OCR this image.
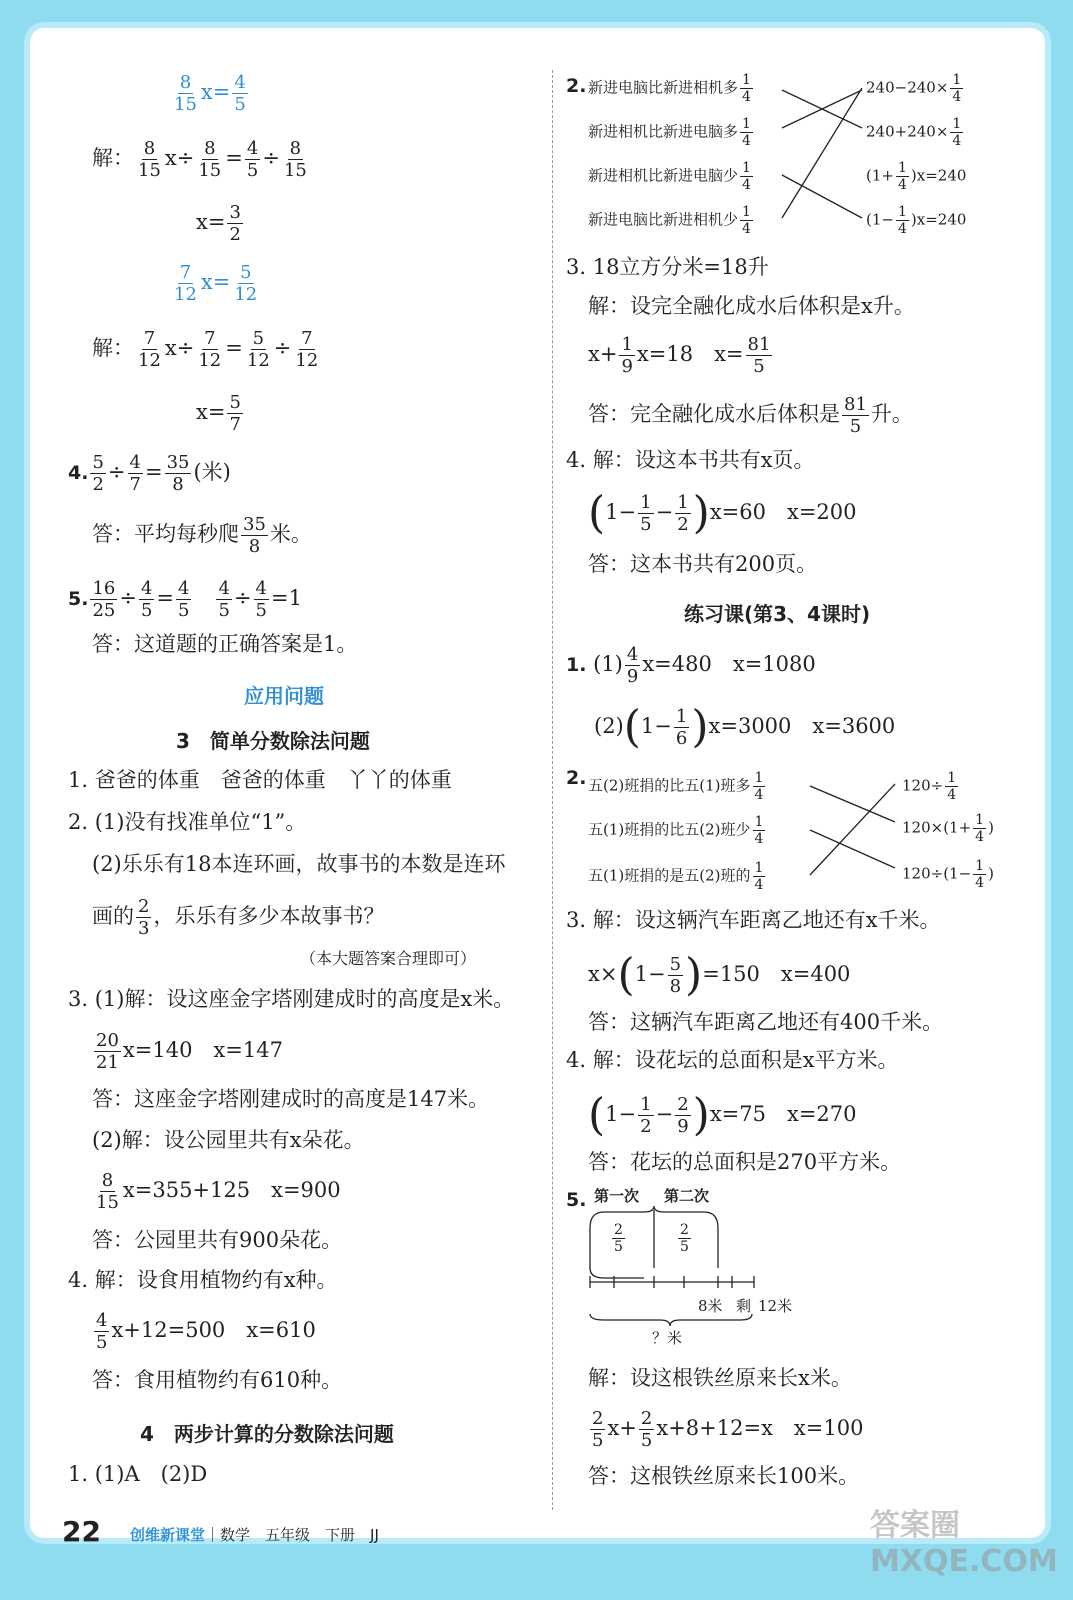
$\frac{8}{15} x= \frac{4}{5}$
解： $\frac{8}{15} x\div \frac{8}{15} = \frac{4}{5} \div \frac{8}{15}$
$x= \frac{3}{2}$
$\frac{7}{12} x= \frac{5}{12}$
解： $\frac{7}{12} x\div \frac{7}{12} = \frac{5}{12} \div \frac{7}{12}$
$x= \frac{5}{7}$
4. $\frac{5}{2} \div \frac{4}{7} = \frac{35}{8}$ (米)
答：平均每秒爬 $\frac{35}{8}$ 米。
5. $\frac{16}{25} \div \frac{4}{5} = \frac{4}{5}$
　 $\frac{4}{5} \div \frac{4}{5} =1$
答：这道题的正确答案是1。
应用问题
3　简单分数除法问题
1. 爸爸的体重　爸爸的体重　丫丫的体重
2. (1)没有找准单位“1”。
(2)乐乐有18本连环画，故事书的本数是连环
画的 $\frac{2}{3}$ ，乐乐有多少本故事书？
（本大题答案合理即可）
3. (1)解：设这座金字塔刚建成时的高度是x米。
$\frac{20}{21} x=140$　x=147
答：这座金字塔刚建成时的高度是147米。
(2)解：设公园里共有x朵花。
$\frac{8}{15} x=355+125$　x=900
答：公园里共有900朵花。
4. 解：设食用植物约有x种。
$\frac{4}{5} x+12=500$　x=610
答：食用植物约有610种。
4　两步计算的分数除法问题
1. (1)A　(2)D
2. 新进电脑比新进相机多 $\frac{1}{4}$
新进相机比新进电脑多 $\frac{1}{4}$
新进相机比新进电脑少 $\frac{1}{4}$
新进电脑比新进相机少 $\frac{1}{4}$
$240-240\times \frac{1}{4}$
$240+240\times \frac{1}{4}$
$(1+ \frac{1}{4} )x=240$
$(1- \frac{1}{4} )x=240$
3. 18立方分米=18升
解：设完全融化成水后体积是x升。
$x+ \frac{1}{9} x=18$　$x= \frac{81}{5}$
答：完全融化成水后体积是 $\frac{81}{5}$ 升。
4. 解：设这本书共有x页。
$(1- \frac{1}{5} - \frac{1}{2} )x=60$　x=200
答：这本书共有200页。
练习课(第3、4课时)
1. $(1) \frac{4}{9} x=480$　x=1080
$(2)(1- \frac{1}{6} )x=3000$　x=3600
2. 五(2)班捐的比五(1)班多 $\frac{1}{4}$
五(1)班捐的比五(2)班少 $\frac{1}{4}$
五(1)班捐的是五(2)班的 $\frac{1}{4}$
$120\div \frac{1}{4}$
$120\times(1+ \frac{1}{4}$ )
$120\div(1- \frac{1}{4}$ )
3. 解：设这辆汽车距离乙地还有x千米。
$x\times(1- \frac{5}{8} )=150$　x=400
答：这辆汽车距离乙地还有400千米。
4. 解：设花坛的总面积是x平方米。
$(1- \frac{1}{2} - \frac{2}{9} )x=75$　x=270
答：花坛的总面积是270平方米。
5. 第一次 第二次
$\frac{2}{5}$	$\frac{2}{5}$
8米 剩 12米
？米
解：设这根铁丝原来长x米。
$\frac{2}{5} x+ \frac{2}{5} x+8+12=x$　x=100
答：这根铁丝原来长100米。
22 创维新课堂｜数学　五年级　下册　JJ	答案圈 MXQE.COM
